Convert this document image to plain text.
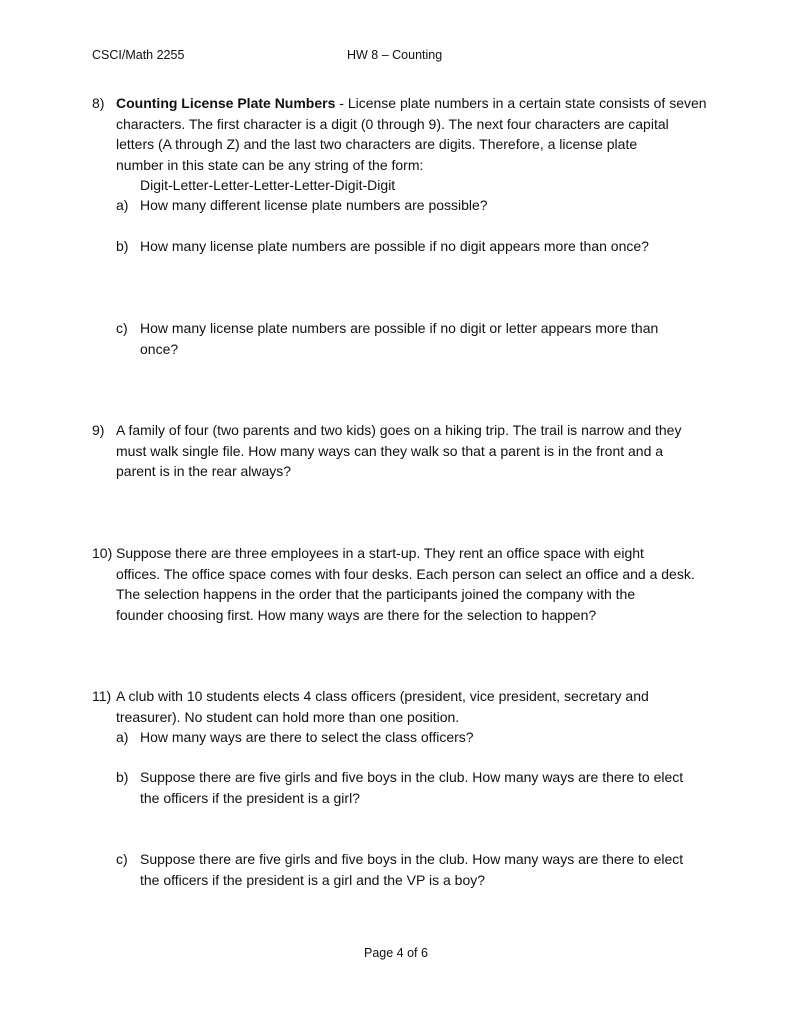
CSCI/Math 2255	HW 8 – Counting
8) Counting License Plate Numbers - License plate numbers in a certain state consists of seven
characters. The first character is a digit (0 through 9). The next four characters are capital
letters (A through Z) and the last two characters are digits. Therefore, a license plate
number in this state can be any string of the form:
Digit-Letter-Letter-Letter-Letter-Digit-Digit
a) How many different license plate numbers are possible?
b) How many license plate numbers are possible if no digit appears more than once?
c) How many license plate numbers are possible if no digit or letter appears more than
once?
9) A family of four (two parents and two kids) goes on a hiking trip. The trail is narrow and they
must walk single file. How many ways can they walk so that a parent is in the front and a
parent is in the rear always?
10) Suppose there are three employees in a start-up. They rent an office space with eight
offices. The office space comes with four desks. Each person can select an office and a desk.
The selection happens in the order that the participants joined the company with the
founder choosing first. How many ways are there for the selection to happen?
11) A club with 10 students elects 4 class officers (president, vice president, secretary and
treasurer). No student can hold more than one position.
a) How many ways are there to select the class officers?
b) Suppose there are five girls and five boys in the club. How many ways are there to elect
the officers if the president is a girl?
c) Suppose there are five girls and five boys in the club. How many ways are there to elect
the officers if the president is a girl and the VP is a boy?
Page 4 of 6
